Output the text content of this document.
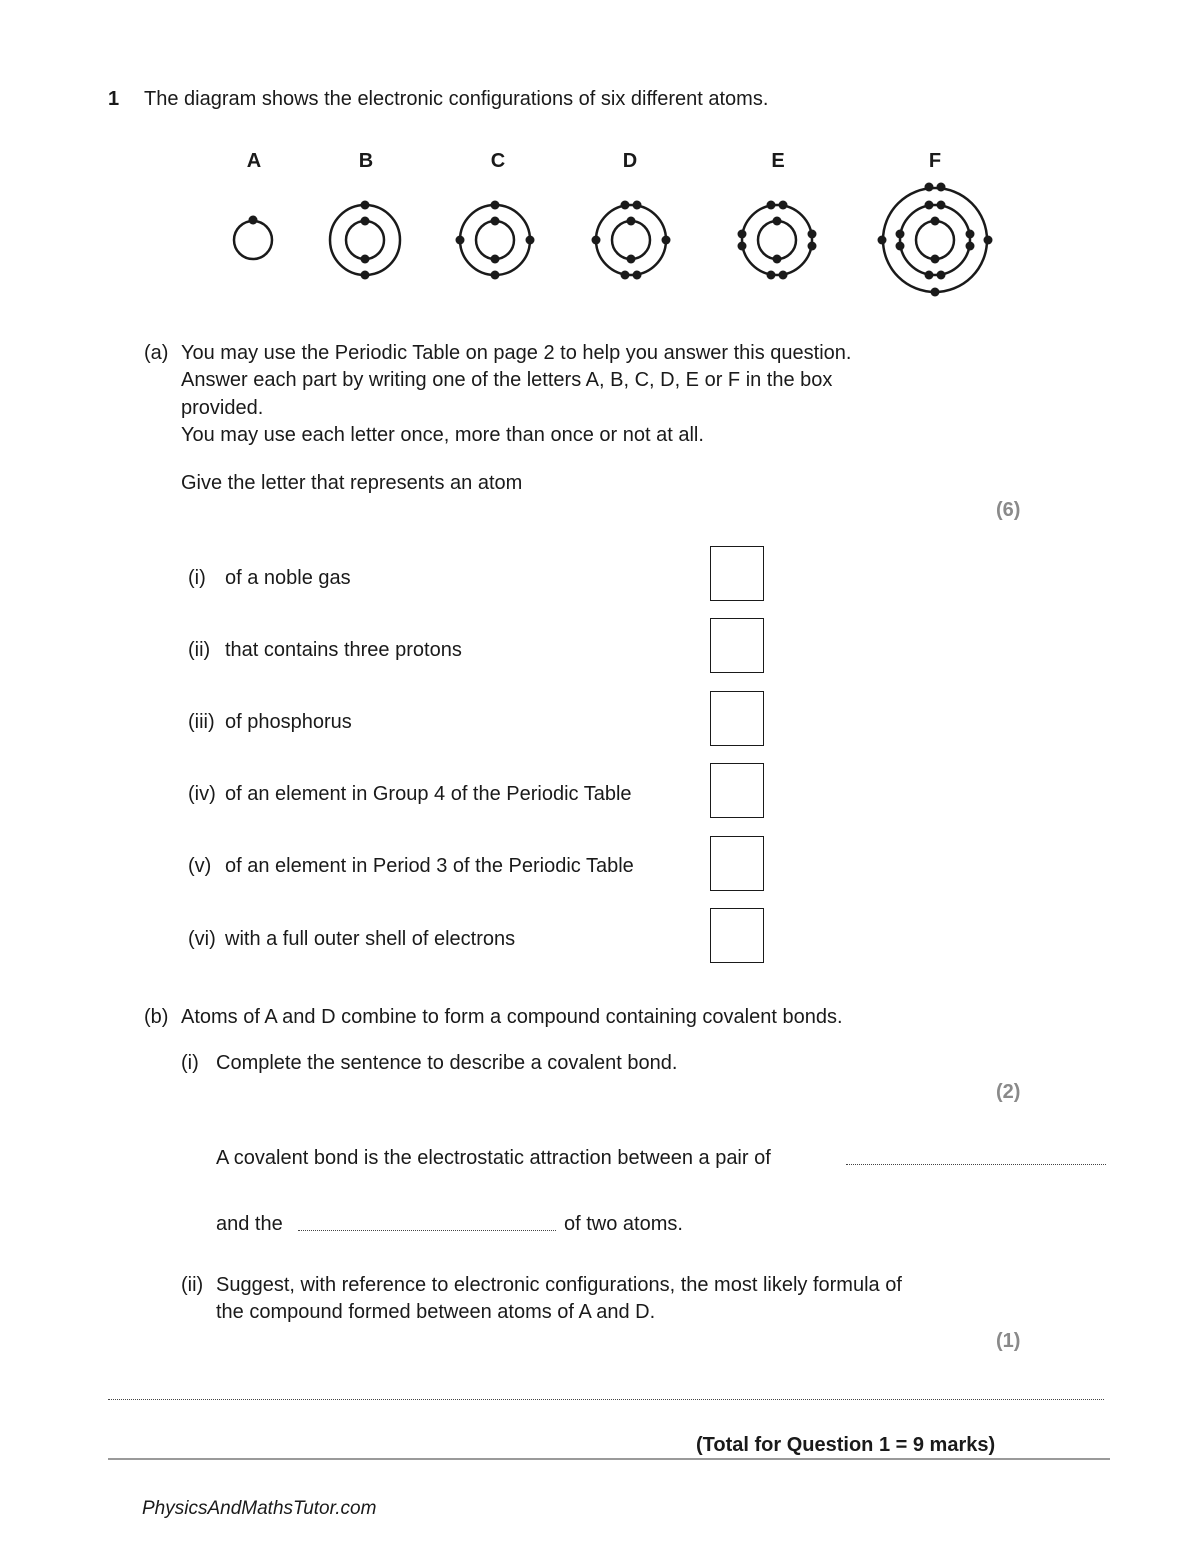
1 The diagram shows the electronic configurations of six different atoms.
A	B	C	D	E	F
(a) You may use the Periodic Table on page 2 to help you answer this question.
Answer each part by writing one of the letters A, B, C, D, E or F in the box
provided.
You may use each letter once, more than once or not at all.
Give the letter that represents an atom
(6)
(i) of a noble gas
(ii) that contains three protons
(iii) of phosphorus
(iv) of an element in Group 4 of the Periodic Table
(v) of an element in Period 3 of the Periodic Table
(vi) with a full outer shell of electrons
(b) Atoms of A and D combine to form a compound containing covalent bonds.
(i) Complete the sentence to describe a covalent bond.
(2)
A covalent bond is the electrostatic attraction between a pair of
and the	of two atoms.
(ii) Suggest, with reference to electronic configurations, the most likely formula of
the compound formed between atoms of A and D.
(1)
(Total for Question 1 = 9 marks)
PhysicsAndMathsTutor.com
